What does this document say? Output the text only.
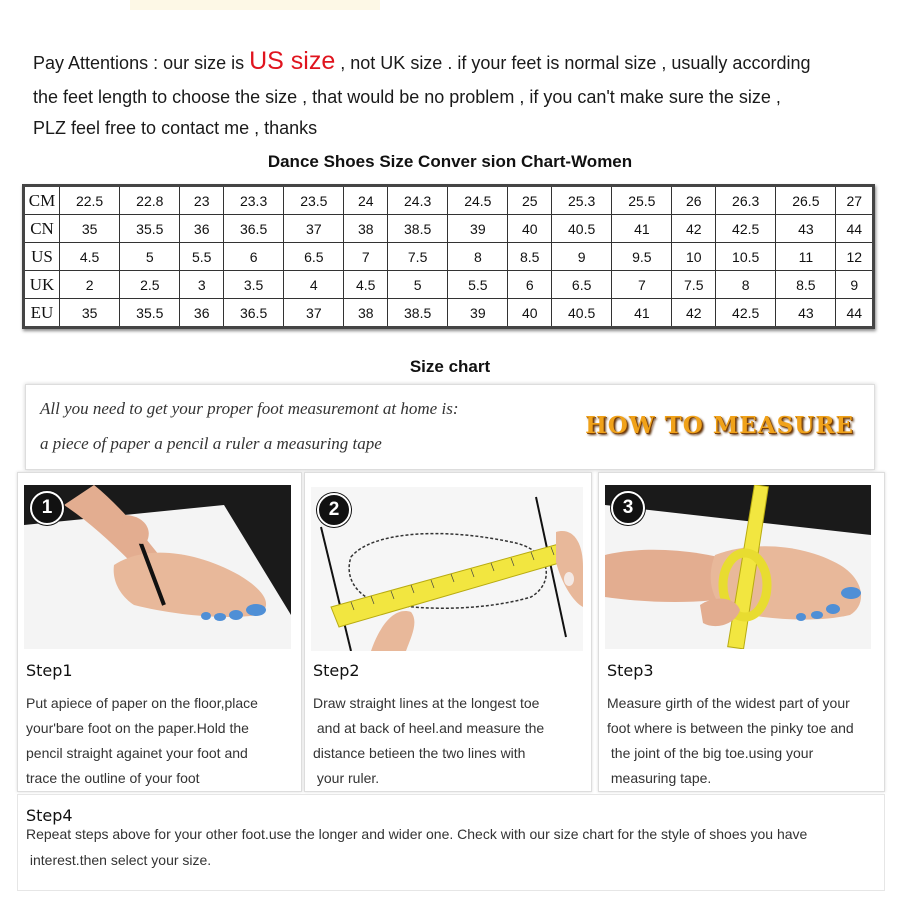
Pay Attentions : our size is US size , not UK size . if your feet is normal size , usually according

the feet length to choose the size , that would be no problem , if you can't make sure the size ,

PLZ feel free to contact me , thanks

Dance Shoes Size Conver sion Chart-Women
CM	22.5	22.8	23	23.3	23.5	24	24.3	24.5	25	25.3	25.5	26	26.3	26.5	27
CN	35	35.5	36	36.5	37	38	38.5	39	40	40.5	41	42	42.5	43	44
US	4.5	5	5.5	6	6.5	7	7.5	8	8.5	9	9.5	10	10.5	11	12
UK	2	2.5	3	3.5	4	4.5	5	5.5	6	6.5	7	7.5	8	8.5	9
EU	35	35.5	36	36.5	37	38	38.5	39	40	40.5	41	42	42.5	43	44
Size chart
All you need to get your proper foot measuremont at home is:
a piece of paper a pencil a ruler a measuring tape
HOW TO MEASURE
1
Step1
Put apiece of paper on the floor,place
your'bare foot on the paper.Hold the
pencil straight againet your foot and
trace the outline of your foot
2
Step2
Draw straight lines at the longest toe
and at back of heel.and measure the
distance betieen the two lines with
your ruler.
3
Step3
Measure girth of the widest part of your
foot where is between the pinky toe and
the joint of the big toe.using your
measuring tape.
Step4
Repeat steps above for your other foot.use the longer and wider one. Check with our size chart for the style of shoes you have
interest.then select your size.
